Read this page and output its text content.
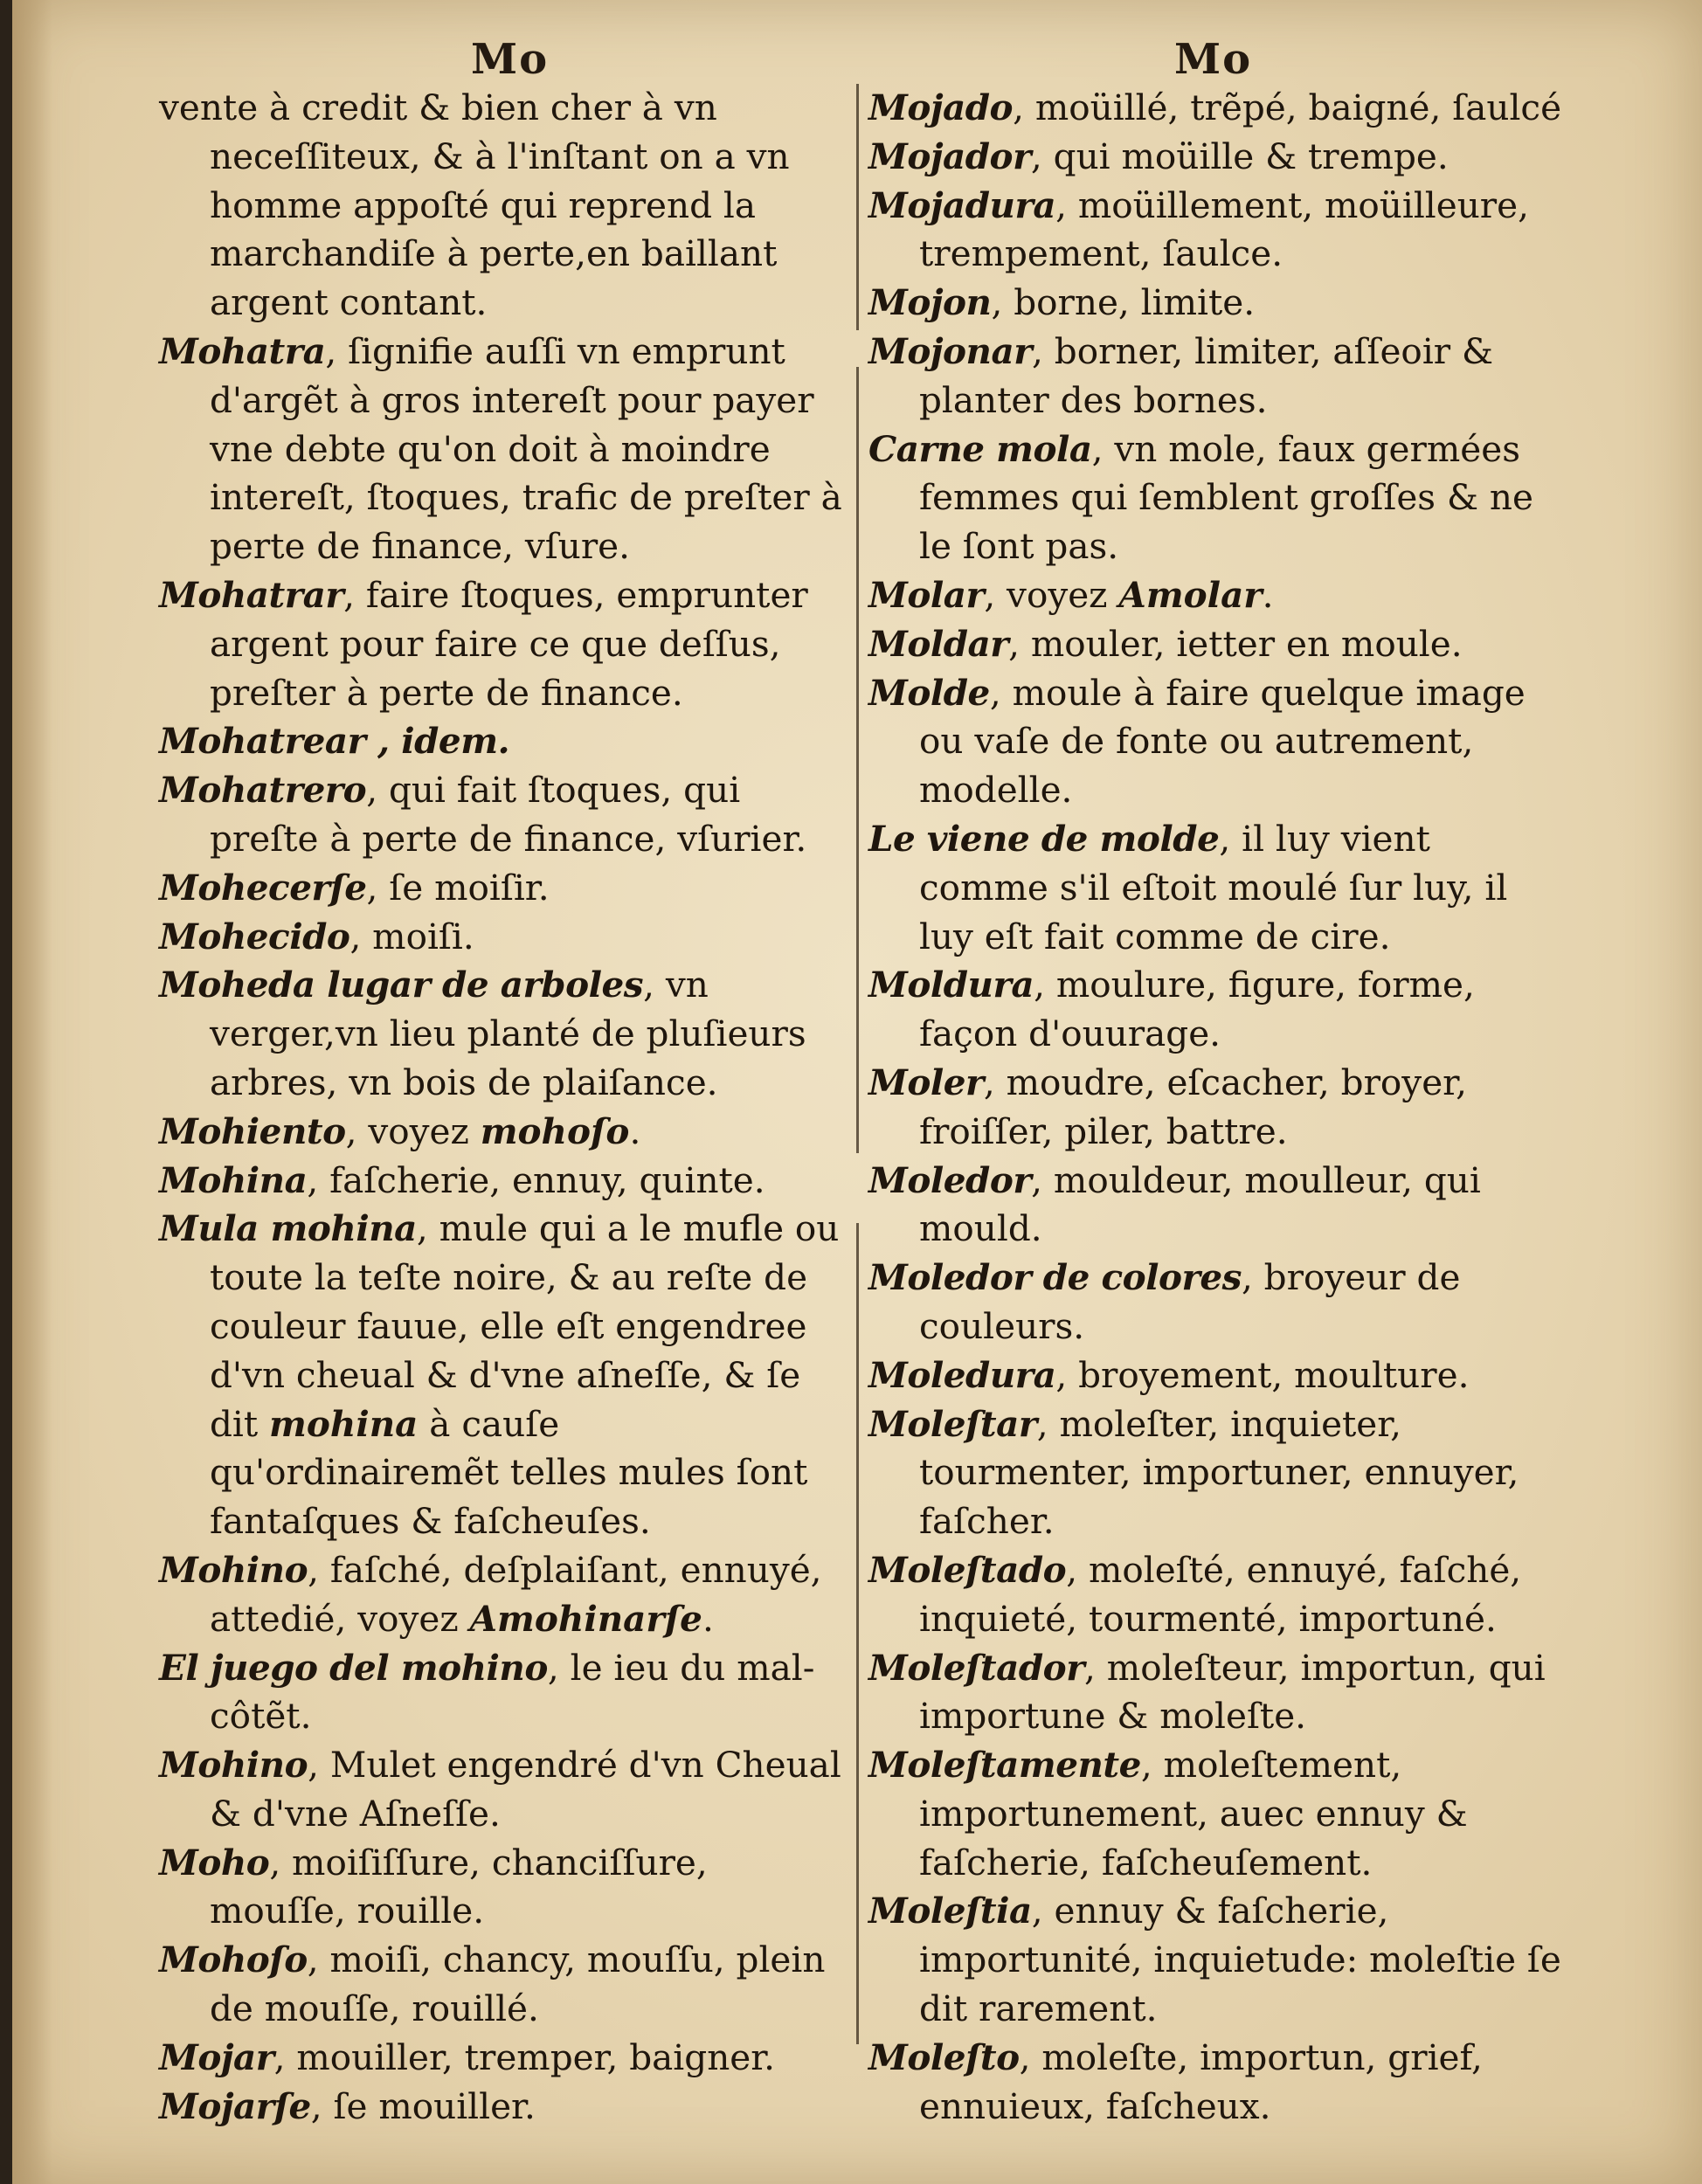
Mo	Mo

vente à credit & bien cher à vn neceſſiteux, & à l'inſtant on a vn homme appoſté qui reprend la marchandiſe à perte,en baillant argent contant.

Mohatra, ſignifie auſſi vn emprunt d'argẽt à gros intereſt pour payer vne debte qu'on doit à moindre intereſt, ſtoques, trafic de preſter à perte de finance, vſure.

Mohatrar, faire ſtoques, emprunter argent pour faire ce que deſſus, preſter à perte de finance.

Mohatrear , idem.

Mohatrero, qui fait ſtoques, qui preſte à perte de finance, vſurier.

Mohecerſe, ſe moiſir.

Mohecido, moiſi.

Moheda lugar de arboles, vn verger,vn lieu planté de pluſieurs arbres, vn bois de plaiſance.

Mohiento, voyez mohoſo.

Mohina, faſcherie, ennuy, quinte.

Mula mohina, mule qui a le mufle ou toute la teſte noire, & au reſte de couleur fauue, elle eſt engendree d'vn cheual & d'vne aſneſſe, & ſe dit mohina à cauſe qu'ordinairemẽt telles mules ſont fantaſques & faſcheuſes.

Mohino, faſché, deſplaiſant, ennuyé, attedié, voyez Amohinarſe.

El juego del mohino, le ieu du mal-côtẽt.

Mohino, Mulet engendré d'vn Cheual & d'vne Aſneſſe.

Moho, moiſiſſure, chanciſſure, mouſſe, rouille.

Mohoſo, moiſi, chancy, mouſſu, plein de mouſſe, rouillé.

Mojar, mouiller, tremper, baigner.

Mojarſe, ſe mouiller.

Mojado, moüillé, trẽpé, baigné, ſaulcé

Mojador, qui moüille & trempe.

Mojadura, moüillement, moüilleure, trempement, ſaulce.

Mojon, borne, limite.

Mojonar, borner, limiter, aſſeoir & planter des bornes.

Carne mola, vn mole, faux germées femmes qui ſemblent groſſes & ne le ſont pas.

Molar, voyez Amolar.

Moldar, mouler, ietter en moule.

Molde, moule à faire quelque image ou vaſe de fonte ou autrement, modelle.

Le viene de molde, il luy vient comme s'il eſtoit moulé ſur luy, il luy eſt fait comme de cire.

Moldura, moulure, figure, forme, façon d'ouurage.

Moler, moudre, eſcacher, broyer, froiſſer, piler, battre.

Moledor, mouldeur, moulleur, qui mould.

Moledor de colores, broyeur de couleurs.

Moledura, broyement, moulture.

Moleſtar, moleſter, inquieter, tourmenter, importuner, ennuyer, faſcher.

Moleſtado, moleſté, ennuyé, faſché, inquieté, tourmenté, importuné.

Moleſtador, moleſteur, importun, qui importune & moleſte.

Moleſtamente, moleſtement, importunement, auec ennuy & faſcherie, faſcheuſement.

Moleſtia, ennuy & faſcherie, importunité, inquietude: moleſtie ſe dit rarement.

Moleſto, moleſte, importun, grief, ennuieux, faſcheux.
